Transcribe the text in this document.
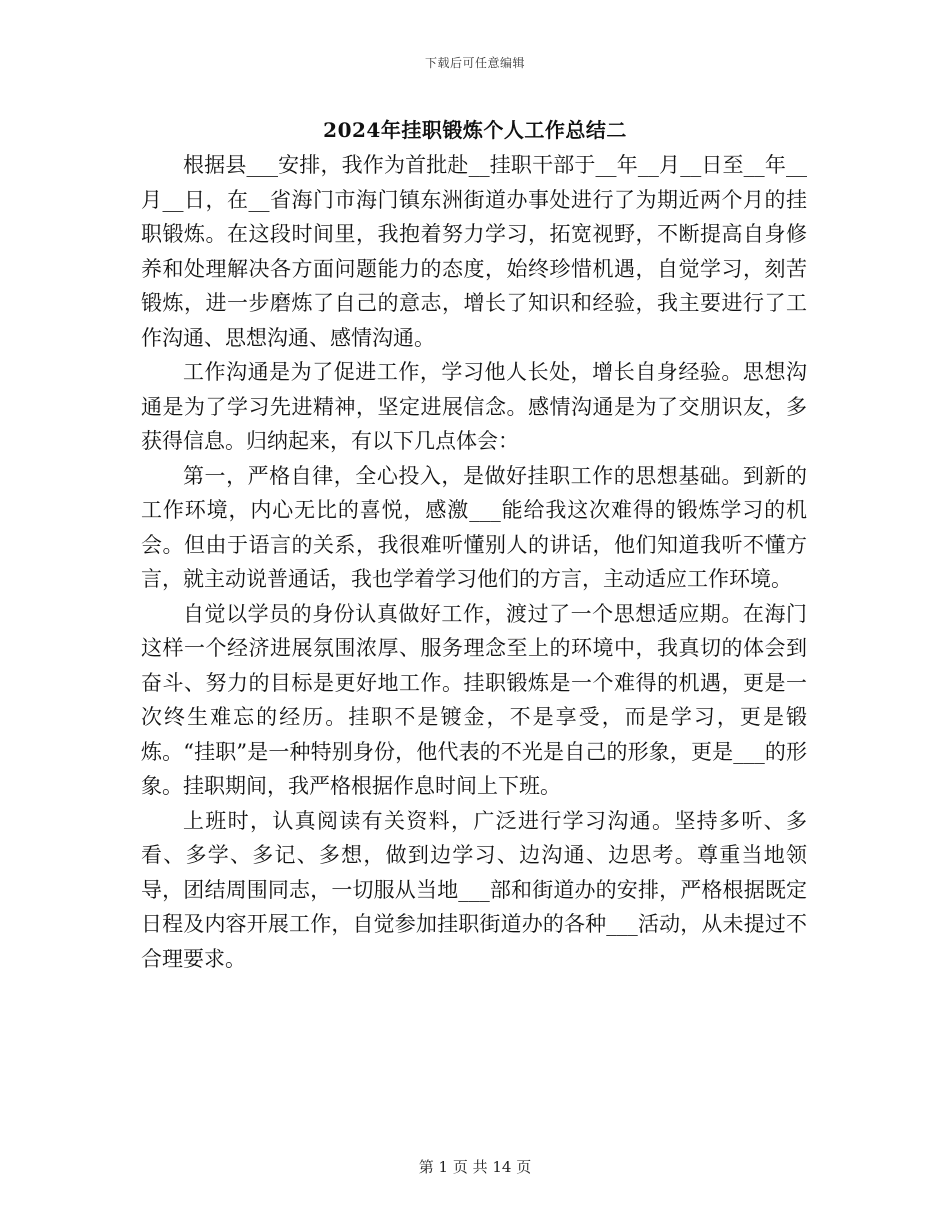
下载后可任意编辑
2024年挂职锻炼个人工作总结二

根据县___安排，我作为首批赴__挂职干部于__年__月__日至__年__月__日，在__省海门市海门镇东洲街道办事处进行了为期近两个月的挂职锻炼。在这段时间里，我抱着努力学习，拓宽视野，不断提高自身修养和处理解决各方面问题能力的态度，始终珍惜机遇，自觉学习，刻苦锻炼，进一步磨炼了自己的意志，增长了知识和经验，我主要进行了工作沟通、思想沟通、感情沟通。

工作沟通是为了促进工作，学习他人长处，增长自身经验。思想沟通是为了学习先进精神，坚定进展信念。感情沟通是为了交朋识友，多获得信息。归纳起来，有以下几点体会：

第一，严格自律，全心投入，是做好挂职工作的思想基础。到新的工作环境，内心无比的喜悦，感激___能给我这次难得的锻炼学习的机会。但由于语言的关系，我很难听懂别人的讲话，他们知道我听不懂方言，就主动说普通话，我也学着学习他们的方言，主动适应工作环境。

自觉以学员的身份认真做好工作，渡过了一个思想适应期。在海门这样一个经济进展氛围浓厚、服务理念至上的环境中，我真切的体会到奋斗、努力的目标是更好地工作。挂职锻炼是一个难得的机遇，更是一次终生难忘的经历。挂职不是镀金，不是享受，而是学习，更是锻炼。“挂职”是一种特别身份，他代表的不光是自己的形象，更是___的形象。挂职期间，我严格根据作息时间上下班。

上班时，认真阅读有关资料，广泛进行学习沟通。坚持多听、多看、多学、多记、多想，做到边学习、边沟通、边思考。尊重当地领导，团结周围同志，一切服从当地___部和街道办的安排，严格根据既定日程及内容开展工作，自觉参加挂职街道办的各种___活动，从未提过不合理要求。

第 1 页 共 14 页
